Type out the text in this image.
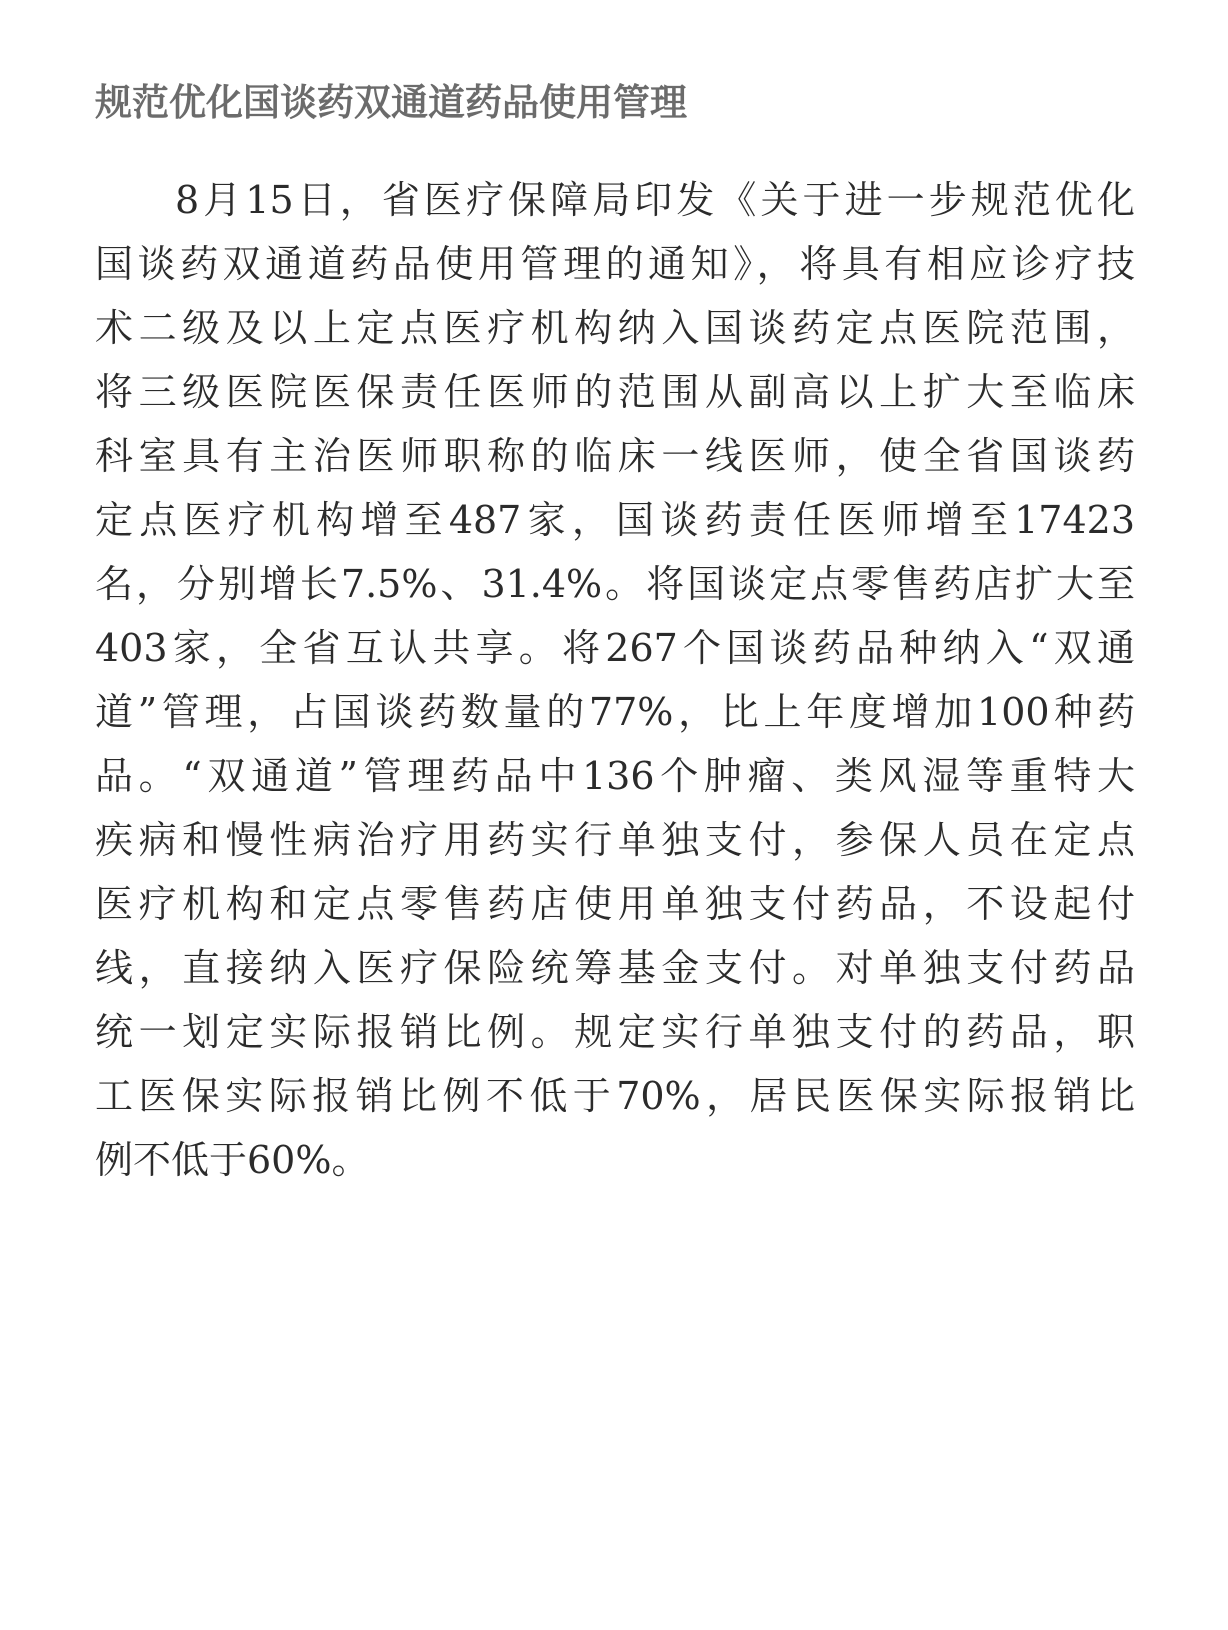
规范优化国谈药双通道药品使用管理
8月15日，省医疗保障局印发《关于进一步规范优化
国谈药双通道药品使用管理的通知》，将具有相应诊疗技
术二级及以上定点医疗机构纳入国谈药定点医院范围，
将三级医院医保责任医师的范围从副高以上扩大至临床
科室具有主治医师职称的临床一线医师，使全省国谈药
定点医疗机构增至487家，国谈药责任医师增至17423
名，分别增长7.5%、31.4%。将国谈定点零售药店扩大至
403家，全省互认共享。将267个国谈药品种纳入“双通
道”管理，占国谈药数量的77%，比上年度增加100种药
品。“双通道”管理药品中136个肿瘤、类风湿等重特大
疾病和慢性病治疗用药实行单独支付，参保人员在定点
医疗机构和定点零售药店使用单独支付药品，不设起付
线，直接纳入医疗保险统筹基金支付。对单独支付药品
统一划定实际报销比例。规定实行单独支付的药品，职
工医保实际报销比例不低于70%，居民医保实际报销比
例不低于60%。
